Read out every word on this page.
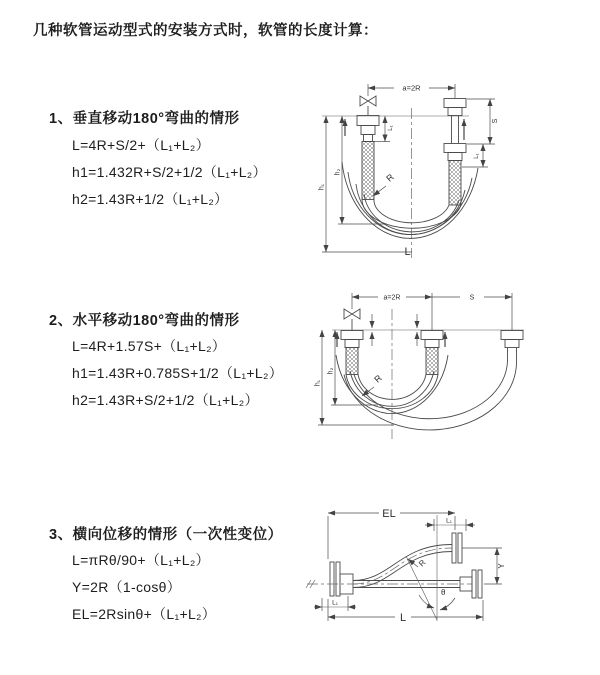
几种软管运动型式的安装方式时，软管的长度计算：
1、垂直移动180°弯曲的情形
L=4R+S/2+（L₁+L₂）
h1=1.432R+S/2+1/2（L₁+L₂）
h2=1.43R+1/2（L₁+L₂）
2、水平移动180°弯曲的情形
L=4R+1.57S+（L₁+L₂）
h1=1.43R+0.785S+1/2（L₁+L₂）
h2=1.43R+S/2+1/2（L₁+L₂）
3、横向位移的情形（一次性变位）
L=πRθ/90+（L₁+L₂）
Y=2R（1-cosθ）
EL=2Rsinθ+（L₁+L₂）
a=2R
L₁
S
L₁
h₁
h₂	R
L
a=2R	S
h₁
h₂
R
EL
L₁
Y
θ
R
L₁
L
